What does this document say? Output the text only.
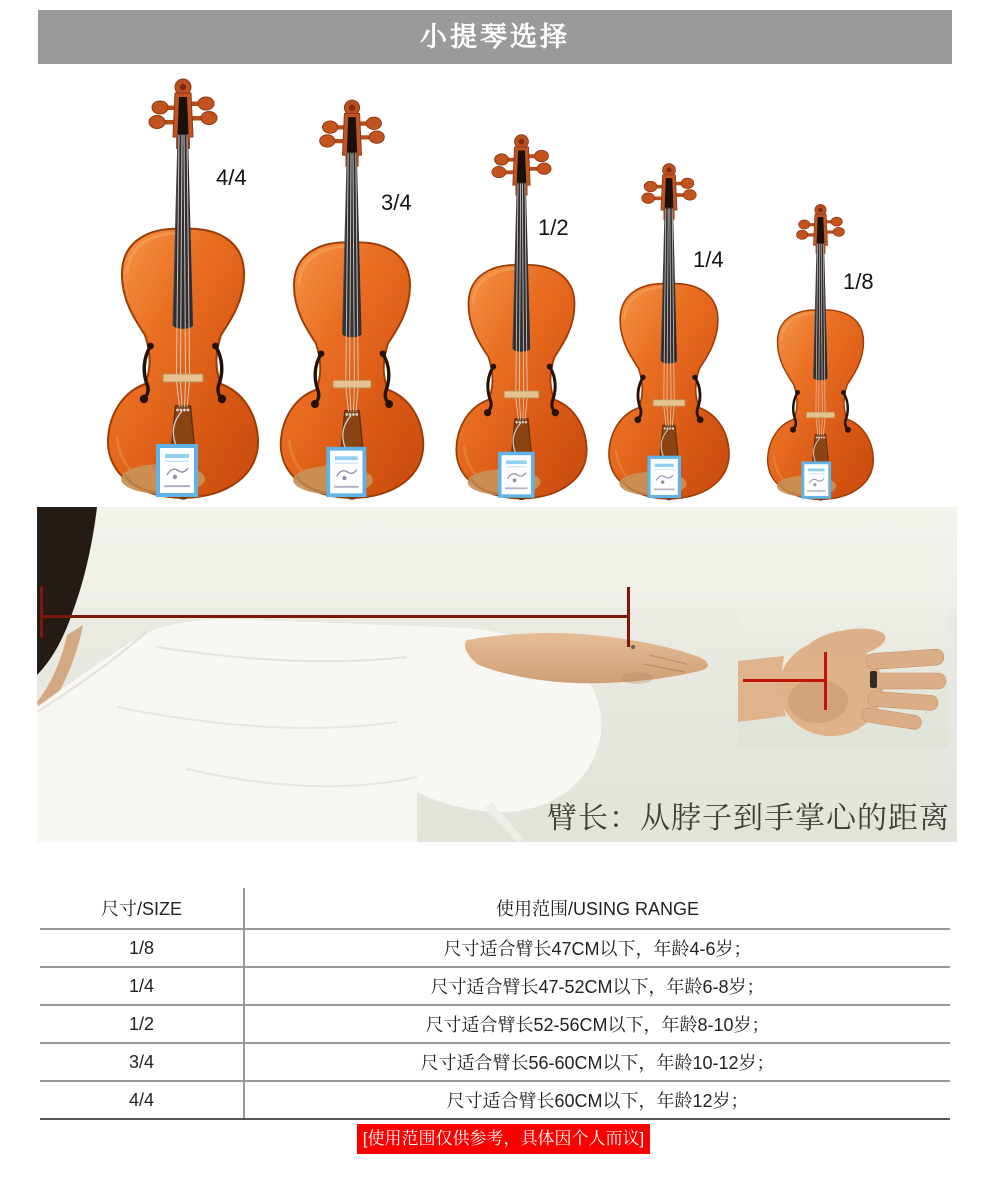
小提琴选择
4/4
3/4
1/2
1/4
1/8
臂长：从脖子到手掌心的距离
尺寸/SIZE	使用范围/USING RANGE
1/8	尺寸适合臂长47CM以下，年龄4-6岁；
1/4	尺寸适合臂长47-52CM以下，年龄6-8岁；
1/2	尺寸适合臂长52-56CM以下，年龄8-10岁；
3/4	尺寸适合臂长56-60CM以下，年龄10-12岁；
4/4	尺寸适合臂长60CM以下，年龄12岁；
[使用范围仅供参考，具体因个人而议]
